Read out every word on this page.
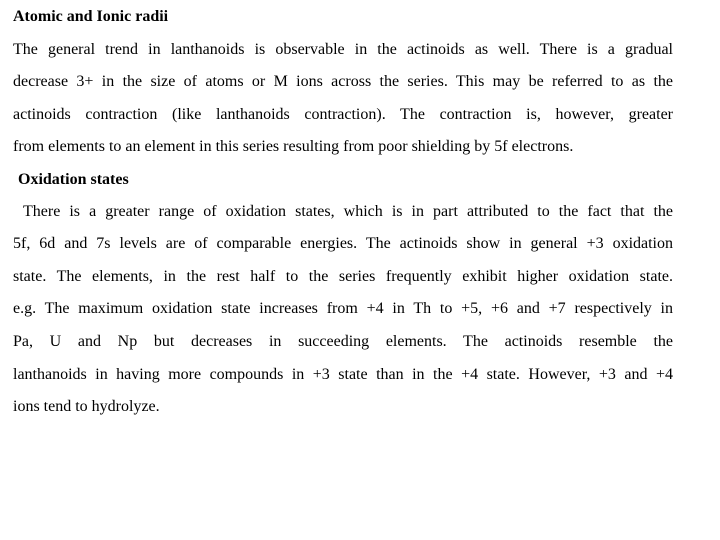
Atomic and Ionic radii
The general trend in lanthanoids is observable in the actinoids as well. There is a gradual
decrease 3+ in the size of atoms or M ions across the series. This may be referred to as the
actinoids contraction (like lanthanoids contraction). The contraction is, however, greater
from elements to an element in this series resulting from poor shielding by 5f electrons.
Oxidation states
There is a greater range of oxidation states, which is in part attributed to the fact that the
5f, 6d and 7s levels are of comparable energies. The actinoids show in general +3 oxidation
state. The elements, in the rest half to the series frequently exhibit higher oxidation state.
e.g. The maximum oxidation state increases from +4 in Th to +5, +6 and +7 respectively in
Pa, U and Np but decreases in succeeding elements. The actinoids resemble the
lanthanoids in having more compounds in +3 state than in the +4 state. However, +3 and +4
ions tend to hydrolyze.
